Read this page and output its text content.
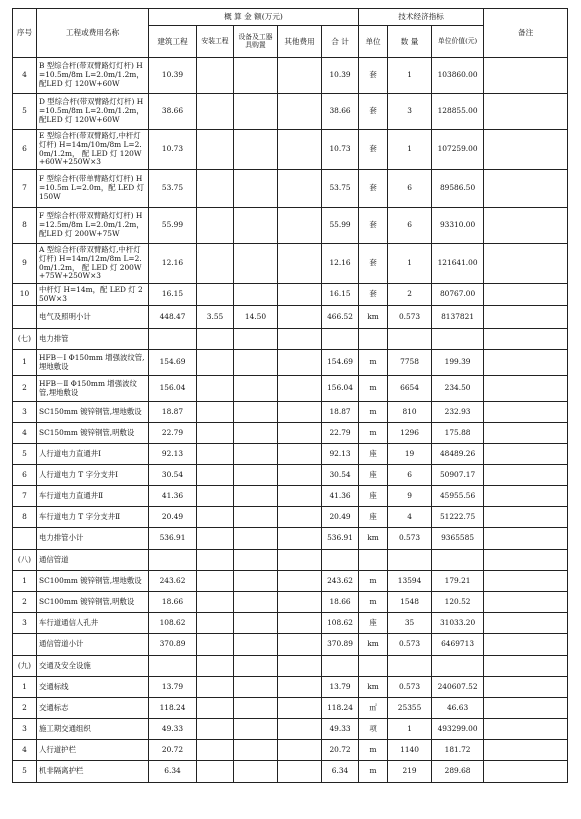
序号	工程或费用名称	概 算 金 额(万元)					技术经济指标			备注
		建筑工程	安装工程	设备及工器具购置	其他费用	合 计	单位	数 量	单位价值(元)	
4	B 型综合杆(带双臂路灯灯杆) H=10.5m/8m L=2.0m/1.2m，配LED 灯 120W+60W	10.39				10.39	套	1	103860.00	
5	D 型综合杆(带双臂路灯灯杆) H=10.5m/8m L=2.0m/1.2m，配LED 灯 120W+60W	38.66				38.66	套	3	128855.00	
6	E 型综合杆(带双臂路灯,中杆灯灯杆) H=14m/10m/8m L=2.0m/1.2m， 配 LED 灯 120W+60W+250W×3	10.73				10.73	套	1	107259.00	
7	F 型综合杆(带单臂路灯灯杆) H=10.5m L=2.0m，配 LED 灯 150W	53.75				53.75	套	6	89586.50	
8	F 型综合杆(带双臂路灯灯杆) H=12.5m/8m L=2.0m/1.2m，配LED 灯 200W+75W	55.99				55.99	套	6	93310.00	
9	A 型综合杆(带双臂路灯,中杆灯灯杆) H=14m/12m/8m L=2.0m/1.2m， 配 LED 灯 200W+75W+250W×3	12.16				12.16	套	1	121641.00	
10	中杆灯 H=14m，配 LED 灯 250W×3	16.15				16.15	套	2	80767.00	
	电气及照明小计	448.47	3.55	14.50		466.52	km	0.573	8137821	
(七)	电力排管									
1	HFB－Ⅰ Φ150mm 增强波纹管,埋地敷设	154.69				154.69	m	7758	199.39	
2	HFB－Ⅱ Φ150mm 增强波纹管,埋地敷设	156.04				156.04	m	6654	234.50	
3	SC150mm 镀锌钢管,埋地敷设	18.87				18.87	m	810	232.93	
4	SC150mm 镀锌钢管,明敷设	22.79				22.79	m	1296	175.88	
5	人行道电力直通井Ⅰ	92.13				92.13	座	19	48489.26	
6	人行道电力 T 字分支井Ⅰ	30.54				30.54	座	6	50907.17	
7	车行道电力直通井Ⅱ	41.36				41.36	座	9	45955.56	
8	车行道电力 T 字分支井Ⅱ	20.49				20.49	座	4	51222.75	
	电力排管小计	536.91				536.91	km	0.573	9365585	
(八)	通信管道									
1	SC100mm 镀锌钢管,埋地敷设	243.62				243.62	m	13594	179.21	
2	SC100mm 镀锌钢管,明敷设	18.66				18.66	m	1548	120.52	
3	车行道通信人孔井	108.62				108.62	座	35	31033.20	
	通信管道小计	370.89				370.89	km	0.573	6469713	
(九)	交通及安全设施									
1	交通标线	13.79				13.79	km	0.573	240607.52	
2	交通标志	118.24				118.24	㎡	25355	46.63	
3	施工期交通组织	49.33				49.33	项	1	493299.00	
4	人行道护栏	20.72				20.72	m	1140	181.72	
5	机非隔离护栏	6.34				6.34	m	219	289.68	
